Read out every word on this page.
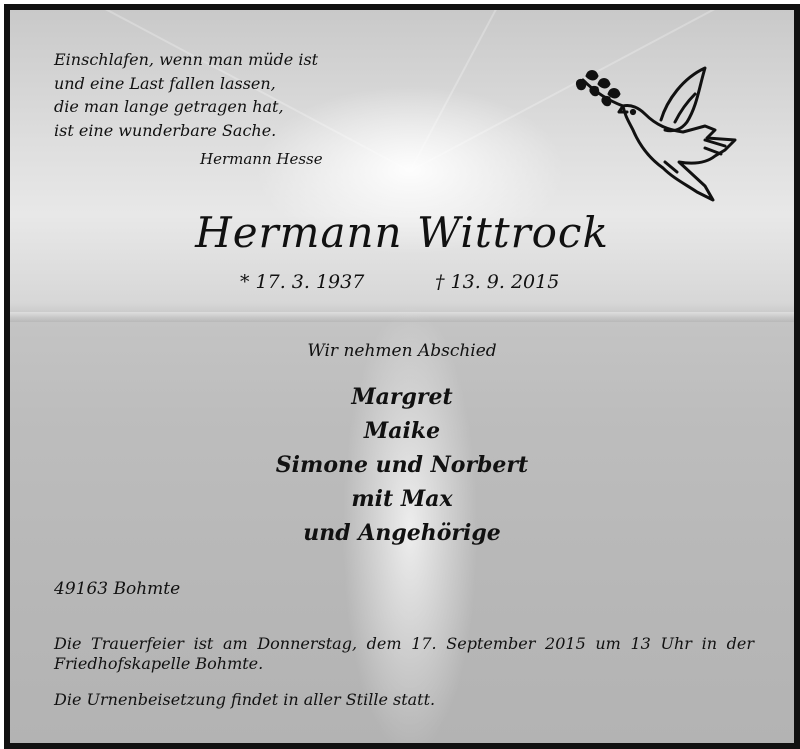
Einschlafen, wenn man müde ist
und eine Last fallen lassen,
die man lange getragen hat,
ist eine wunderbare Sache.
Hermann Hesse
Hermann Wittrock
* 17. 3. 1937	† 13. 9. 2015
Wir nehmen Abschied
Margret
Maike
Simone und Norbert
mit Max
und Angehörige
49163 Bohmte
Die Trauerfeier ist am Donnerstag, dem 17. September 2015 um 13 Uhr in der Friedhofskapelle Bohmte.
Die Urnenbeisetzung findet in aller Stille statt.
